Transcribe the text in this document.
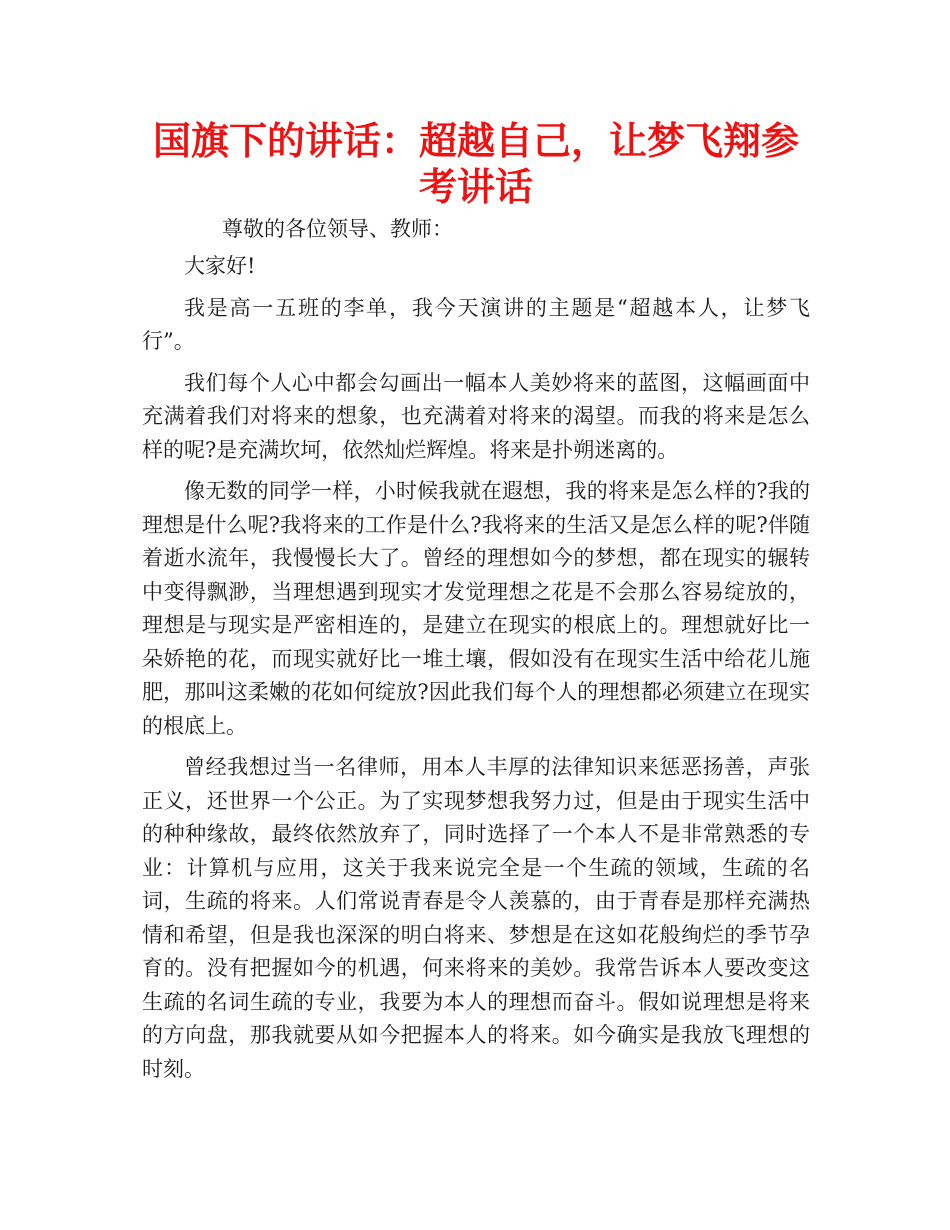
国旗下的讲话：超越自己，让梦飞翔参考讲话

尊敬的各位领导、教师：

大家好!

我是高一五班的李单，我今天演讲的主题是“超越本人，让梦飞行”。

我们每个人心中都会勾画出一幅本人美妙将来的蓝图，这幅画面中充满着我们对将来的想象，也充满着对将来的渴望。而我的将来是怎么样的呢?是充满坎坷，依然灿烂辉煌。将来是扑朔迷离的。

像无数的同学一样，小时候我就在遐想，我的将来是怎么样的?我的理想是什么呢?我将来的工作是什么?我将来的生活又是怎么样的呢?伴随着逝水流年，我慢慢长大了。曾经的理想如今的梦想，都在现实的辗转中变得飘渺，当理想遇到现实才发觉理想之花是不会那么容易绽放的，理想是与现实是严密相连的，是建立在现实的根底上的。理想就好比一朵娇艳的花，而现实就好比一堆土壤，假如没有在现实生活中给花儿施肥，那叫这柔嫩的花如何绽放?因此我们每个人的理想都必须建立在现实的根底上。

曾经我想过当一名律师，用本人丰厚的法律知识来惩恶扬善，声张正义，还世界一个公正。为了实现梦想我努力过，但是由于现实生活中的种种缘故，最终依然放弃了，同时选择了一个本人不是非常熟悉的专业：计算机与应用，这关于我来说完全是一个生疏的领域，生疏的名词，生疏的将来。人们常说青春是令人羡慕的，由于青春是那样充满热情和希望，但是我也深深的明白将来、梦想是在这如花般绚烂的季节孕育的。没有把握如今的机遇，何来将来的美妙。我常告诉本人要改变这生疏的名词生疏的专业，我要为本人的理想而奋斗。假如说理想是将来的方向盘，那我就要从如今把握本人的将来。如今确实是我放飞理想的时刻。
